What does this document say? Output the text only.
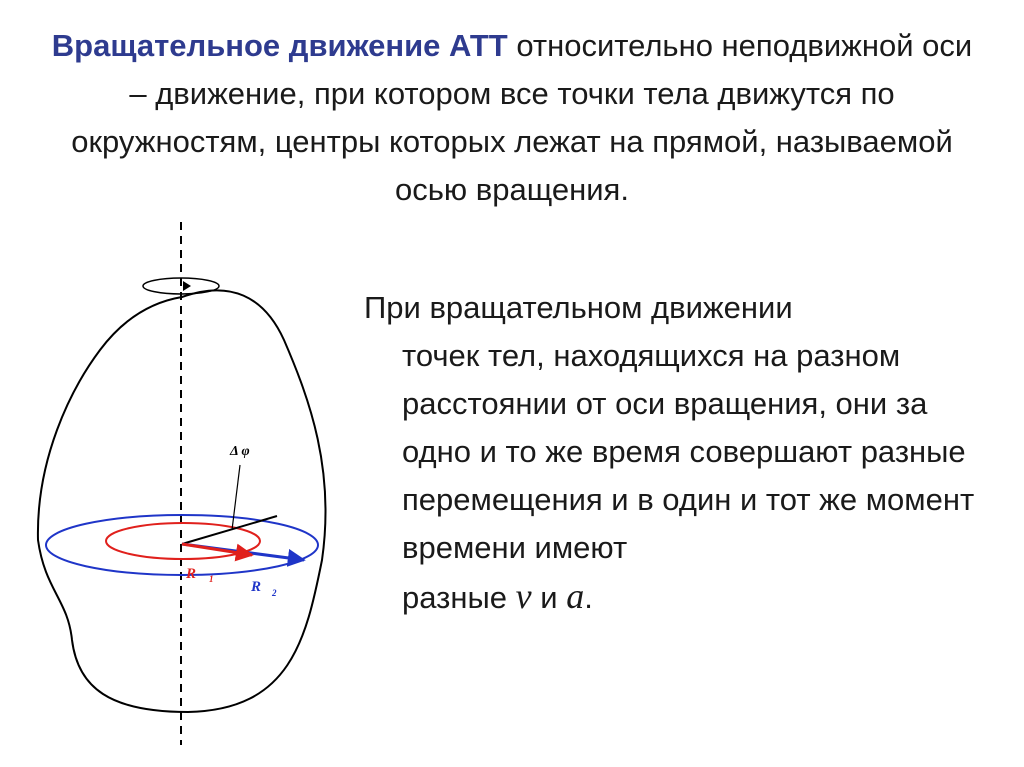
Вращательное движение АТТ относительно неподвижной оси – движение, при котором все точки тела движутся по окружностям, центры которых лежат на прямой, называемой осью вращения.
Δ φ
R 1	R 2
При вращательном движении
точек тел, находящихся на разном расстоянии от оси вращения, они за одно и то же время совершают разные перемещения и в один и тот же момент времени имеют
разные v и a.
